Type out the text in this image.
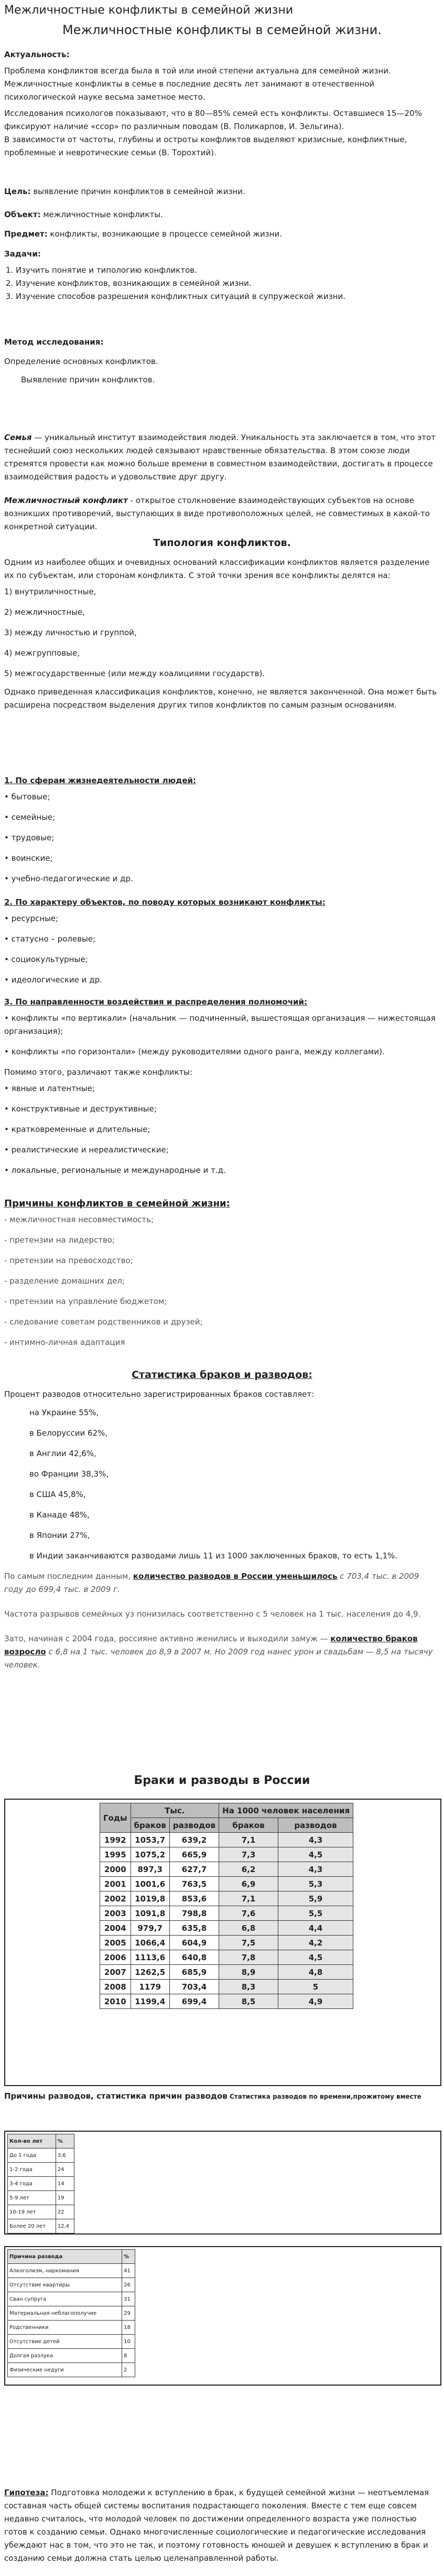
Межличностные конфликты в семейной жизни
Межличностные конфликты в семейной жизни.

Актуальность:

Проблема конфликтов всегда была в той или иной степени актуальна для семейной жизни. Межличностные конфликты в семье в последние десять лет занимают в отечественной психологической науке весьма заметное место.

Исследования психологов показывают, что в 80—85% семей есть конфликты. Оставшиеся 15—20% фиксируют наличие «ссор» по различным поводам (В. Поликарпов, И. Зельгина).

В зависимости от частоты, глубины и остроты конфликтов выделяют кризисные, конфликтные, проблемные и невротические семьи (В. Торохтий).

Цель: выявление причин конфликтов в семейной жизни.

Объект: межличностные конфликты.

Предмет: конфликты, возникающие в процессе семейной жизни.

Задачи:

1. Изучить понятие и типологию конфликтов.
2. Изучение конфликтов, возникающих в семейной жизни.
3. Изучение способов разрешения конфликтных ситуаций в супружеской жизни.

Метод исследования:

Определение основных конфликтов.

Выявление причин конфликтов.

Семья — уникальный институт взаимодействия людей. Уникальность эта заключается в том, что этот теснейший союз нескольких людей связывают нравственные обязательства. В этом союзе люди стремятся провести как можно больше времени в совместном взаимодействии, достигать в процессе взаимодействия радость и удовольствие друг другу.

Межличностный конфликт - открытое столкновение взаимодействующих субъектов на основе возникших противоречий, выступающих в виде противоположных целей, не совместимых в какой-то конкретной ситуации.

Типология конфликтов.

Одним из наиболее общих и очевидных оснований классификации конфликтов является разделение их по субъектам, или сторонам конфликта. С этой точки зрения все конфликты делятся на:

1) внутриличностные,
2) межличностные,
3) между личностью и группой,
4) межгрупповые,
5) межгосударственные (или между коалициями государств).

Однако приведенная классификация конфликтов, конечно, не является законченной. Она может быть расширена посредством выделения других типов конфликтов по самым разным основаниям.

1. По сферам жизнедеятельности людей:

• бытовые;
• семейные;
• трудовые;
• воинские;
• учебно-педагогические и др.

2. По характеру объектов, по поводу которых возникают конфликты:

• ресурсные;
• статусно – ролевые;
• социокультурные;
• идеологические и др.

3. По направленности воздействия и распределения полномочий:

• конфликты «по вертикали» (начальник — подчиненный, вышестоящая организация — нижестоящая организация);
• конфликты «по горизонтали» (между руководителями одного ранга, между коллегами).

Помимо этого, различают также конфликты:

• явные и латентные;
• конструктивные и деструктивные;
• кратковременные и длительные;
• реалистические и нереалистические;
• локальные, региональные и международные и т.д.

Причины конфликтов в семейной жизни:

- межличностная несовместимость;
- претензии на лидерство;
- претензии на превосходство;
- разделение домашних дел;
- претензии на управление бюджетом;
- следование советам родственников и друзей;
- интимно-личная адаптация
Статистика браков и разводов:

Процент разводов относительно зарегистрированных браков составляет:

на Украине 55%,
в Белоруссии 62%,
в Англии 42,6%,
во Франции 38,3%,
в США 45,8%,
в Канаде 48%,
в Японии 27%,
в Индии заканчиваются разводами лишь 11 из 1000 заключенных браков, то есть 1,1%.

По самым последним данным, количество разводов в России уменьшилось с 703,4 тыс. в 2009 году до 699,4 тыс. в 2009 г.

Частота разрывов семейных уз понизилась соответственно с 5 человек на 1 тыс. населения до 4,9.

Зато, начиная с 2004 года, россияне активно женились и выходили замуж — количество браков возросло с 6,8 на 1 тыс. человек до 8,9 в 2007 м. Но 2009 год нанес урон и свадьбам — 8,5 на тысячу человек.

Браки и разводы в России
Годы	Тыс.		На 1000 человек населения	
	браков	разводов	браков	разводов
1992	1053,7	639,2	7,1	4,3
1995	1075,2	665,9	7,3	4,5
2000	897,3	627,7	6,2	4,3
2001	1001,6	763,5	6,9	5,3
2002	1019,8	853,6	7,1	5,9
2003	1091,8	798,8	7,6	5,5
2004	979,7	635,8	6,8	4,4
2005	1066,4	604,9	7,5	4,2
2006	1113,6	640,8	7,8	4,5
2007	1262,5	685,9	8,9	4,8
2008	1179	703,4	8,3	5
2010	1199,4	699,4	8,5	4,9

Причины разводов, статистика причин разводов Статистика разводов по времени,прожитому вместе

Кол-во лет	%
До 1 года	3,6
1-2 года	24
3-4 года	14
5-9 лет	19
10-19 лет	22
Более 20 лет	12,4
Причина развода	%
Алкоголизм, наркомания	41
Отсутствие квартиры	26
Сван супруга	31
Материальная неблагополучие	29
Родственники	18
Отсутствие детей	10
Долгая разлука	8
Физические недуги	2

Гипотеза: Подготовка молодежи к вступлению в брак, к будущей семейной жизни — неотъемлемая составная часть общей системы воспитания подрастающего поколения. Вместе с тем еще совсем недавно считалось, что молодой человек по достижении определенного возраста уже полностью готов к созданию семьи. Однако многочисленные социологические и педагогические исследования убеждают нас в том, что это не так, и поэтому готовность юношей и девушек к вступлению в брак и созданию семьи должна стать целью целенаправленной работы.
